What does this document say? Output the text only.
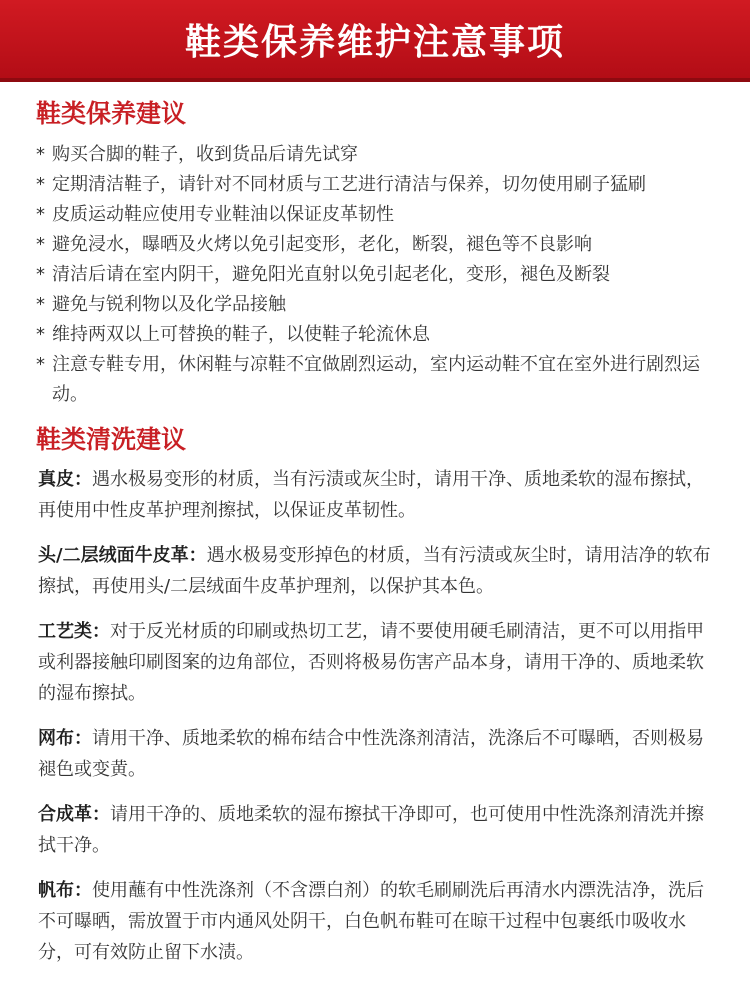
鞋类保养维护注意事项
鞋类保养建议
* 购买合脚的鞋子，收到货品后请先试穿
* 定期清洁鞋子，请针对不同材质与工艺进行清洁与保养，切勿使用刷子猛刷
* 皮质运动鞋应使用专业鞋油以保证皮革韧性
* 避免浸水，曝晒及火烤以免引起变形，老化，断裂，褪色等不良影响
* 清洁后请在室内阴干，避免阳光直射以免引起老化，变形，褪色及断裂
* 避免与锐利物以及化学品接触
* 维持两双以上可替换的鞋子，以使鞋子轮流休息
* 注意专鞋专用，休闲鞋与凉鞋不宜做剧烈运动，室内运动鞋不宜在室外进行剧烈运动。
鞋类清洗建议
真皮：遇水极易变形的材质，当有污渍或灰尘时，请用干净、质地柔软的湿布擦拭，再使用中性皮革护理剂擦拭，以保证皮革韧性。
头/二层绒面牛皮革：遇水极易变形掉色的材质，当有污渍或灰尘时，请用洁净的软布擦拭，再使用头/二层绒面牛皮革护理剂，以保护其本色。
工艺类：对于反光材质的印刷或热切工艺，请不要使用硬毛刷清洁，更不可以用指甲或利器接触印刷图案的边角部位，否则将极易伤害产品本身，请用干净的、质地柔软的湿布擦拭。
网布：请用干净、质地柔软的棉布结合中性洗涤剂清洁，洗涤后不可曝晒，否则极易褪色或变黄。
合成革：请用干净的、质地柔软的湿布擦拭干净即可，也可使用中性洗涤剂清洗并擦拭干净。
帆布：使用蘸有中性洗涤剂（不含漂白剂）的软毛刷刷洗后再清水内漂洗洁净，洗后不可曝晒，需放置于市内通风处阴干，白色帆布鞋可在晾干过程中包裹纸巾吸收水分，可有效防止留下水渍。
